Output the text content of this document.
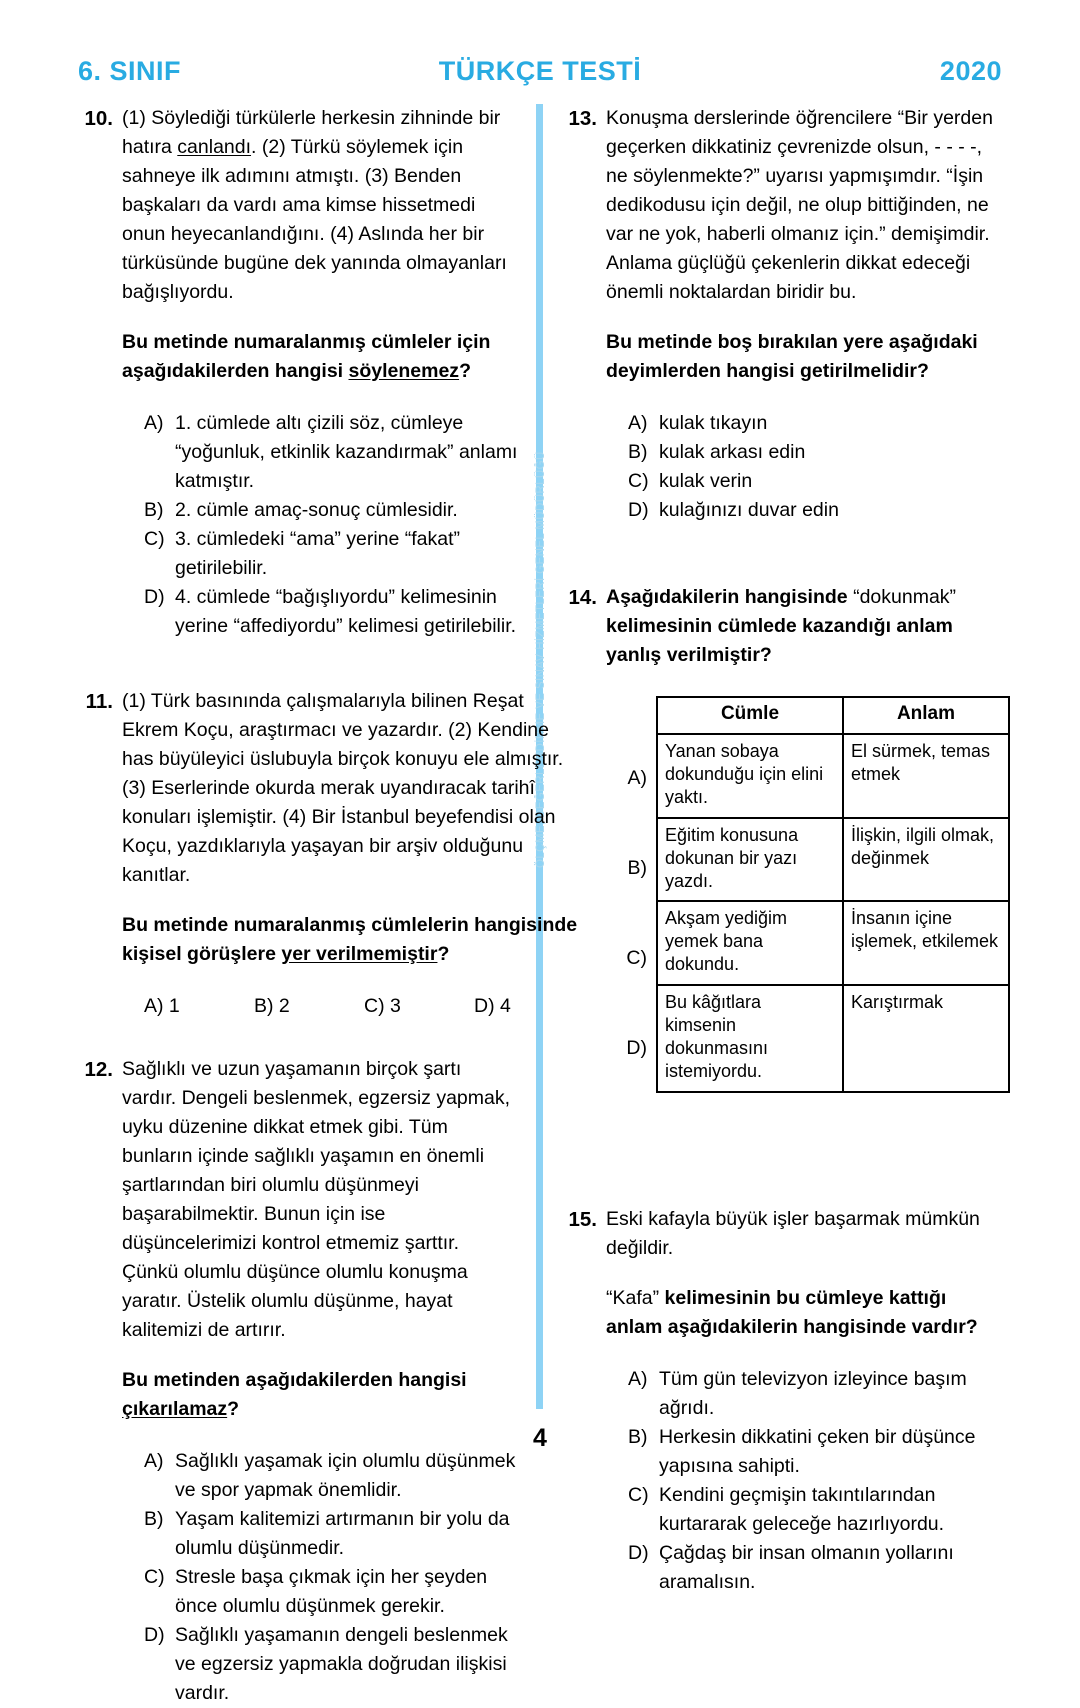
6. SINIF	TÜRKÇE TESTİ	2020
ÖLÇME, DEĞERLENDİRME VE SINAV HİZMETLERİ GENEL MÜDÜRLÜĞÜ
10. (1) Söylediği türkülerle herkesin zihninde bir hatıra canlandı. (2) Türkü söylemek için sahneye ilk adımını atmıştı. (3) Benden başkaları da vardı ama kimse hissetmedi onun heyecanlandığını. (4) Aslında her bir türküsünde bugüne dek yanında olmayanları bağışlıyordu.

Bu metinde numaralanmış cümleler için aşağıdakilerden hangisi söylenemez?

A) 1. cümlede altı çizili söz, cümleye “yoğunluk, etkinlik kazandırmak” anlamı katmıştır.
B) 2. cümle amaç-sonuç cümlesidir.
C) 3. cümledeki “ama” yerine “fakat” getirilebilir.
D) 4. cümlede “bağışlıyordu” kelimesinin yerine “affediyordu” kelimesi getirilebilir.
11. (1) Türk basınında çalışmalarıyla bilinen Reşat Ekrem Koçu, araştırmacı ve yazardır. (2) Kendine has büyüleyici üslubuyla birçok konuyu ele almıştır. (3) Eserlerinde okurda merak uyandıracak tarihî konuları işlemiştir. (4) Bir İstanbul beyefendisi olan Koçu, yazdıklarıyla yaşayan bir arşiv olduğunu kanıtlar.

Bu metinde numaralanmış cümlelerin hangisinde kişisel görüşlere yer verilmemiştir?

A) 1	B) 2	C) 3	D) 4
12. Sağlıklı ve uzun yaşamanın birçok şartı vardır. Dengeli beslenmek, egzersiz yapmak, uyku düzenine dikkat etmek gibi. Tüm bunların içinde sağlıklı yaşamın en önemli şartlarından biri olumlu düşünmeyi başarabilmektir. Bunun için ise düşüncelerimizi kontrol etmemiz şarttır. Çünkü olumlu düşünce olumlu konuşma yaratır. Üstelik olumlu düşünme, hayat kalitemizi de artırır.

Bu metinden aşağıdakilerden hangisi çıkarılamaz?

A) Sağlıklı yaşamak için olumlu düşünmek ve spor yapmak önemlidir.
B) Yaşam kalitemizi artırmanın bir yolu da olumlu düşünmedir.
C) Stresle başa çıkmak için her şeyden önce olumlu düşünmek gerekir.
D) Sağlıklı yaşamanın dengeli beslenmek ve egzersiz yapmakla doğrudan ilişkisi vardır.
13. Konuşma derslerinde öğrencilere “Bir yerden geçerken dikkatiniz çevrenizde olsun, - - - -, ne söylenmekte?” uyarısı yapmışımdır. “İşin dedikodusu için değil, ne olup bittiğinden, ne var ne yok, haberli olmanız için.” demişimdir. Anlama güçlüğü çekenlerin dikkat edeceği önemli noktalardan biridir bu.

Bu metinde boş bırakılan yere aşağıdaki deyimlerden hangisi getirilmelidir?

A) kulak tıkayın
B) kulak arkası edin
C) kulak verin
D) kulağınızı duvar edin
14. Aşağıdakilerin hangisinde “dokunmak” kelimesinin cümlede kazandığı anlam yanlış verilmiştir?

A)
B)
C)
D)
Cümle	Anlam
Yanan sobaya dokunduğu için elini yaktı.	El sürmek, temas etmek
Eğitim konusuna dokunan bir yazı yazdı.	İlişkin, ilgili olmak, değinmek
Akşam yediğim yemek bana dokundu.	İnsanın içine işlemek, etkilemek
Bu kâğıtlara kimsenin dokunmasını istemiyordu.	Karıştırmak
15. Eski kafayla büyük işler başarmak mümkün değildir.

“Kafa” kelimesinin bu cümleye kattığı anlam aşağıdakilerin hangisinde vardır?

A) Tüm gün televizyon izleyince başım ağrıdı.
B) Herkesin dikkatini çeken bir düşünce yapısına sahipti.
C) Kendini geçmişin takıntılarından kurtararak geleceğe hazırlıyordu.
D) Çağdaş bir insan olmanın yollarını aramalısın.
4
